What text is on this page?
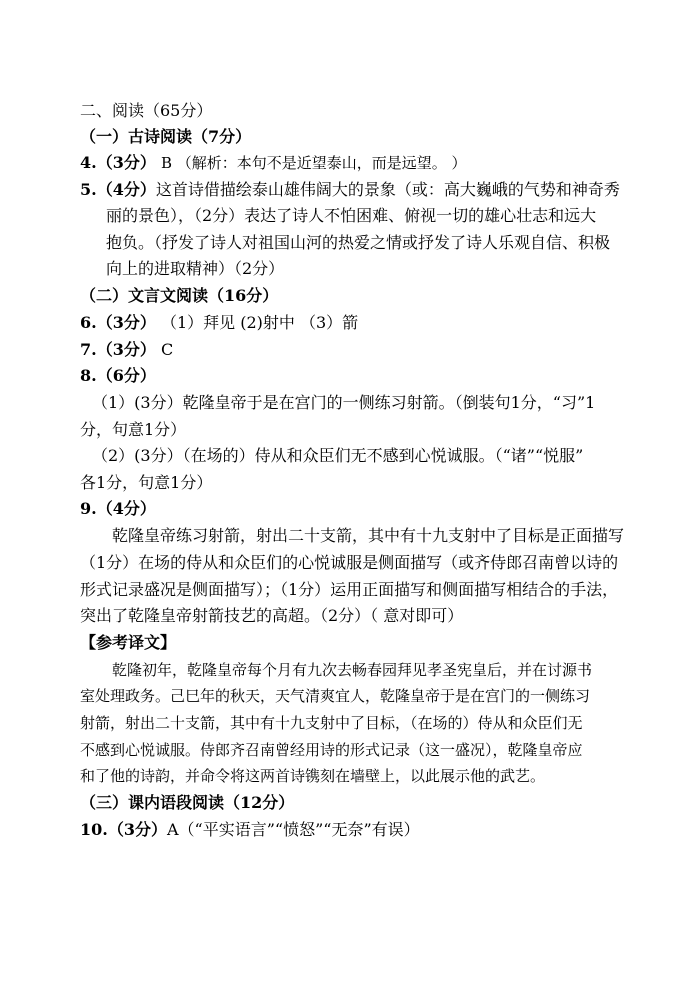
二、阅读（65分）
（一）古诗阅读（7分）
4.（3分） B （解析：本句不是近望泰山，而是远望。 ）
5.（4分）这首诗借描绘泰山雄伟阔大的景象（或：高大巍峨的气势和神奇秀
丽的景色），（2分）表达了诗人不怕困难、俯视一切的雄心壮志和远大
抱负。（抒发了诗人对祖国山河的热爱之情或抒发了诗人乐观自信、积极
向上的进取精神）（2分）
（二）文言文阅读（16分）
6.（3分） （1）拜见 (2)射中 （3）箭
7.（3分） C
8.（6分）
（1）(3分）乾隆皇帝于是在宫门的一侧练习射箭。（倒装句1分，“习”1
分，句意1分）
（2）(3分）（在场的）侍从和众臣们无不感到心悦诚服。（“诸”“悦服”
各1分，句意1分）
9.（4分）
乾隆皇帝练习射箭，射出二十支箭，其中有十九支射中了目标是正面描写
（1分）在场的侍从和众臣们的心悦诚服是侧面描写（或齐侍郎召南曾以诗的
形式记录盛况是侧面描写）；（1分）运用正面描写和侧面描写相结合的手法，
突出了乾隆皇帝射箭技艺的高超。（2分）（ 意对即可）
【参考译文】
乾隆初年，乾隆皇帝每个月有九次去畅春园拜见孝圣宪皇后，并在讨源书
室处理政务。己巳年的秋天，天气清爽宜人，乾隆皇帝于是在宫门的一侧练习
射箭，射出二十支箭，其中有十九支射中了目标，（在场的）侍从和众臣们无
不感到心悦诚服。侍郎齐召南曾经用诗的形式记录（这一盛况），乾隆皇帝应
和了他的诗韵，并命令将这两首诗镌刻在墙壁上，以此展示他的武艺。
（三）课内语段阅读（12分）
10.（3分）A（“平实语言”“愤怒”“无奈”有误）
